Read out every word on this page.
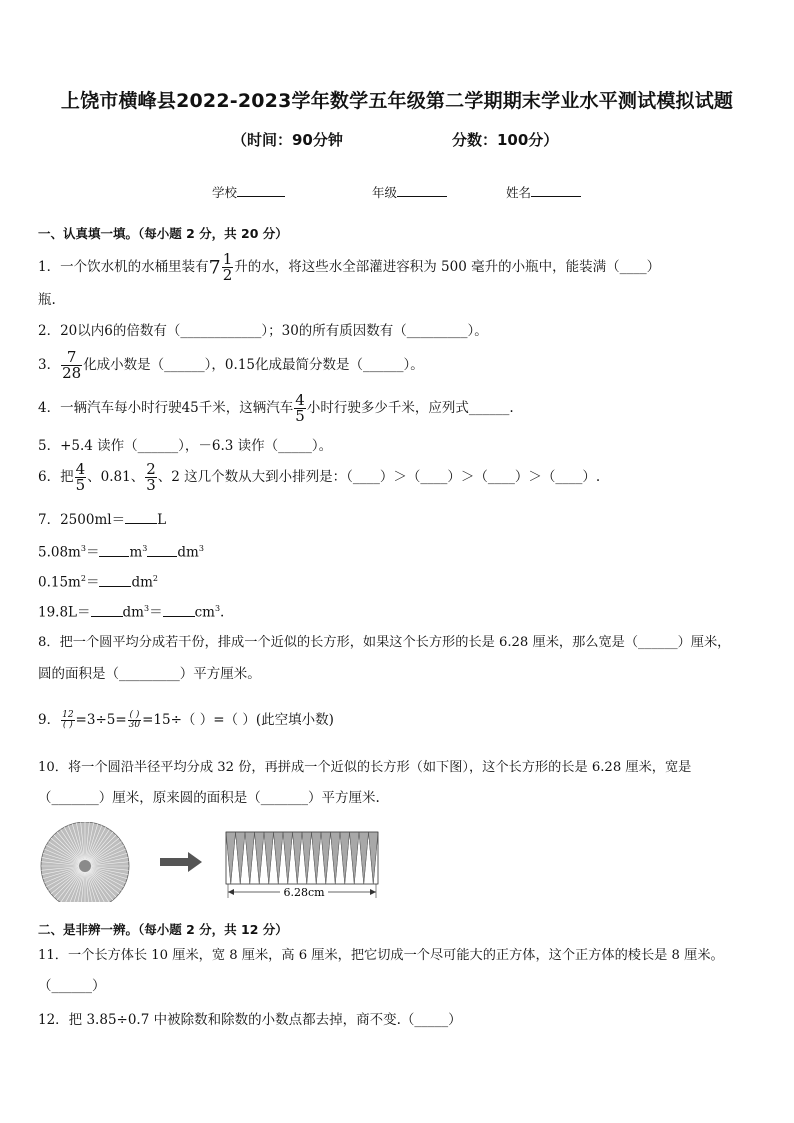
上饶市横峰县2022-2023学年数学五年级第二学期期末学业水平测试模拟试题
（时间：90分钟	分数：100分）
学校	年级	姓名
一、认真填一填。（每小题 2 分，共 20 分）
1．一个饮水机的水桶里装有$7 \frac{1}{2}$ 升的水，将这些水全部灌进容积为 500 毫升的小瓶中，能装满（____）
瓶.
2．20以内6的倍数有（____________）；30的所有质因数有（_________）。
3． $\frac{7}{28}$ 化成小数是（______），0.15化成最简分数是（______）。
4．一辆汽车每小时行驶45千米，这辆汽车 $\frac{4}{5}$ 小时行驶多少千米，应列式______.
5．+5.4 读作（______），－6.3 读作（_____）。
6．把 $\frac{4}{5}$ 、0.81、 $\frac{2}{3}$ 、2 这几个数从大到小排列是：（____）＞（____）＞（____）＞（____）.
7．2500ml＝ L
$5.08m^3= m^3$ $dm^3$
$0.15m^2= dm^2$
$19.8L= dm^3= cm^3$.
8．把一个圆平均分成若干份，排成一个近似的长方形，如果这个长方形的长是 6.28 厘米，那么宽是（______）厘米，
圆的面积是（_________）平方厘米。
9． $\frac{12}{( )} =3\div 5= \frac{( )}{30} =15\div$（ ）=（ ）(此空填小数)
10．将一个圆沿半径平均分成 32 份，再拼成一个近似的长方形（如下图），这个长方形的长是 6.28 厘米，宽是
（_______）厘米，原来圆的面积是（_______）平方厘米.
6.28cm
二、是非辨一辨。（每小题 2 分，共 12 分）
11．一个长方体长 10 厘米，宽 8 厘米，高 6 厘米，把它切成一个尽可能大的正方体，这个正方体的棱长是 8 厘米。
（______）
12．把 3.85÷0.7 中被除数和除数的小数点都去掉，商不变.（_____）
